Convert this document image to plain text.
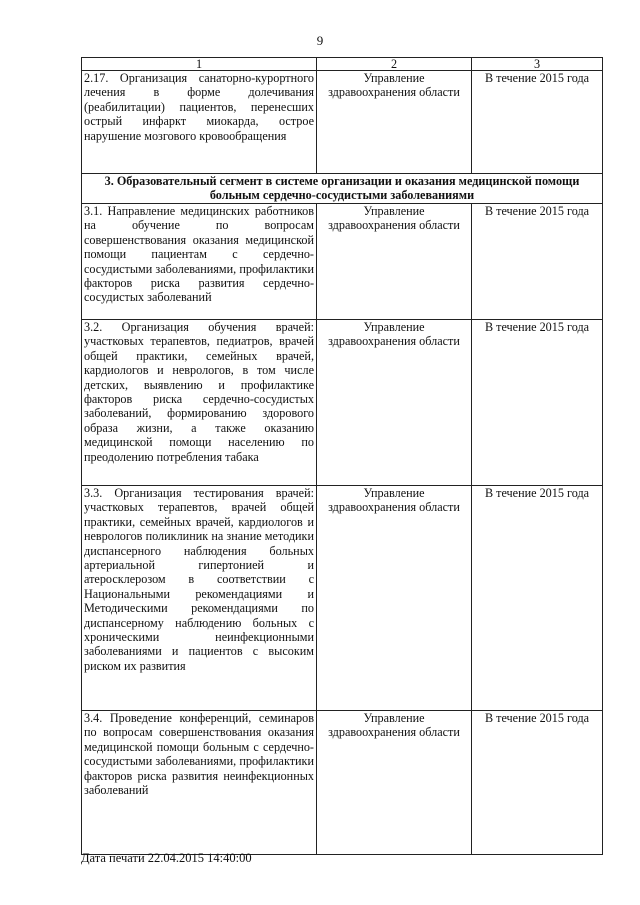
9
1	2	3
2.17. Организация санаторно-курортного лечения в форме долечивания (реабилитации) пациентов, перенесших острый инфаркт миокарда, острое нарушение мозгового кровообращения	Управление здравоохранения области	В течение 2015 года
3. Образовательный сегмент в системе организации и оказания медицинской помощи больным сердечно-сосудистыми заболеваниями		
3.1. Направление медицинских работников на обучение по вопросам совершенствования оказания медицинской помощи пациентам с сердечно-сосудистыми заболеваниями, профилактики факторов риска развития сердечно-сосудистых заболеваний	Управление здравоохранения области	В течение 2015 года
3.2. Организация обучения врачей: участковых терапевтов, педиатров, врачей общей практики, семейных врачей, кардиологов и неврологов, в том числе детских, выявлению и профилактике факторов риска сердечно-сосудистых заболеваний, формированию здорового образа жизни, а также оказанию медицинской помощи населению по преодолению потребления табака	Управление здравоохранения области	В течение 2015 года
3.3. Организация тестирования врачей: участковых терапевтов, врачей общей практики, семейных врачей, кардиологов и неврологов поликлиник на знание методики диспансерного наблюдения больных артериальной гипертонией и атеросклерозом в соответствии с Национальными рекомендациями и Методическими рекомендациями по диспансерному наблюдению больных с хроническими неинфекционными заболеваниями и пациентов с высоким риском их развития	Управление здравоохранения области	В течение 2015 года
3.4. Проведение конференций, семинаров по вопросам совершенствования оказания медицинской помощи больным с сердечно-сосудистыми заболеваниями, профилактики факторов риска развития неинфекционных заболеваний	Управление здравоохранения области	В течение 2015 года
Дата печати 22.04.2015 14:40:00
